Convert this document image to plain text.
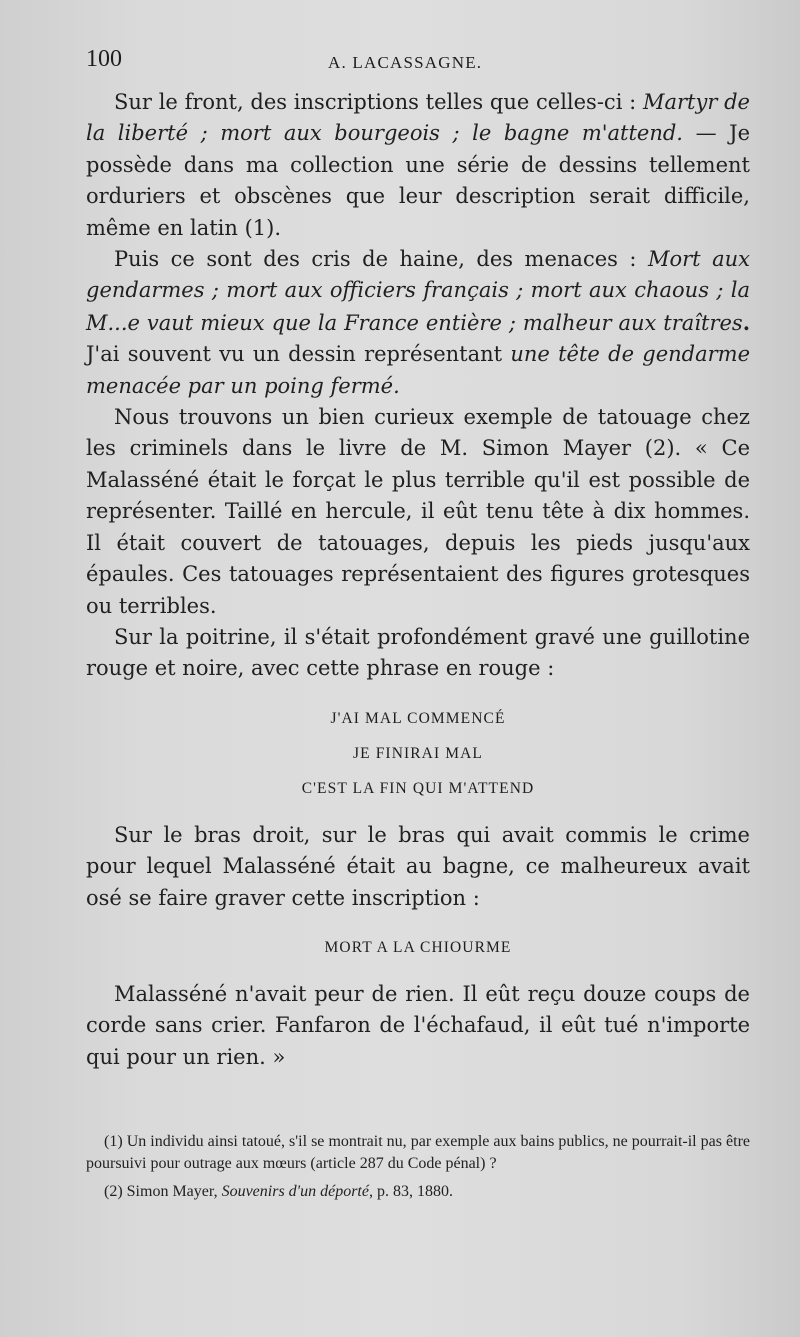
100	A. LACASSAGNE.

Sur le front, des inscriptions telles que celles-ci : Martyr de la liberté ; mort aux bourgeois ; le bagne m'attend. — Je possède dans ma collection une série de dessins tellement orduriers et obscènes que leur description serait difficile, même en latin (1).

Puis ce sont des cris de haine, des menaces : Mort aux gendarmes ; mort aux officiers français ; mort aux chaous ; la M...e vaut mieux que la France entière ; malheur aux traîtres. J'ai souvent vu un dessin représentant une tête de gendarme menacée par un poing fermé.

Nous trouvons un bien curieux exemple de tatouage chez les criminels dans le livre de M. Simon Mayer (2). « Ce Malasséné était le forçat le plus terrible qu'il est possible de représenter. Taillé en hercule, il eût tenu tête à dix hommes. Il était couvert de tatouages, depuis les pieds jusqu'aux épaules. Ces tatouages représentaient des figures grotesques ou terribles.

Sur la poitrine, il s'était profondément gravé une guillotine rouge et noire, avec cette phrase en rouge :

J'AI MAL COMMENCÉ
JE FINIRAI MAL
C'EST LA FIN QUI M'ATTEND

Sur le bras droit, sur le bras qui avait commis le crime pour lequel Malasséné était au bagne, ce malheureux avait osé se faire graver cette inscription :

MORT A LA CHIOURME

Malasséné n'avait peur de rien. Il eût reçu douze coups de corde sans crier. Fanfaron de l'échafaud, il eût tué n'importe qui pour un rien. »

(1) Un individu ainsi tatoué, s'il se montrait nu, par exemple aux bains publics, ne pourrait-il pas être poursuivi pour outrage aux mœurs (article 287 du Code pénal) ?

(2) Simon Mayer, Souvenirs d'un déporté, p. 83, 1880.
